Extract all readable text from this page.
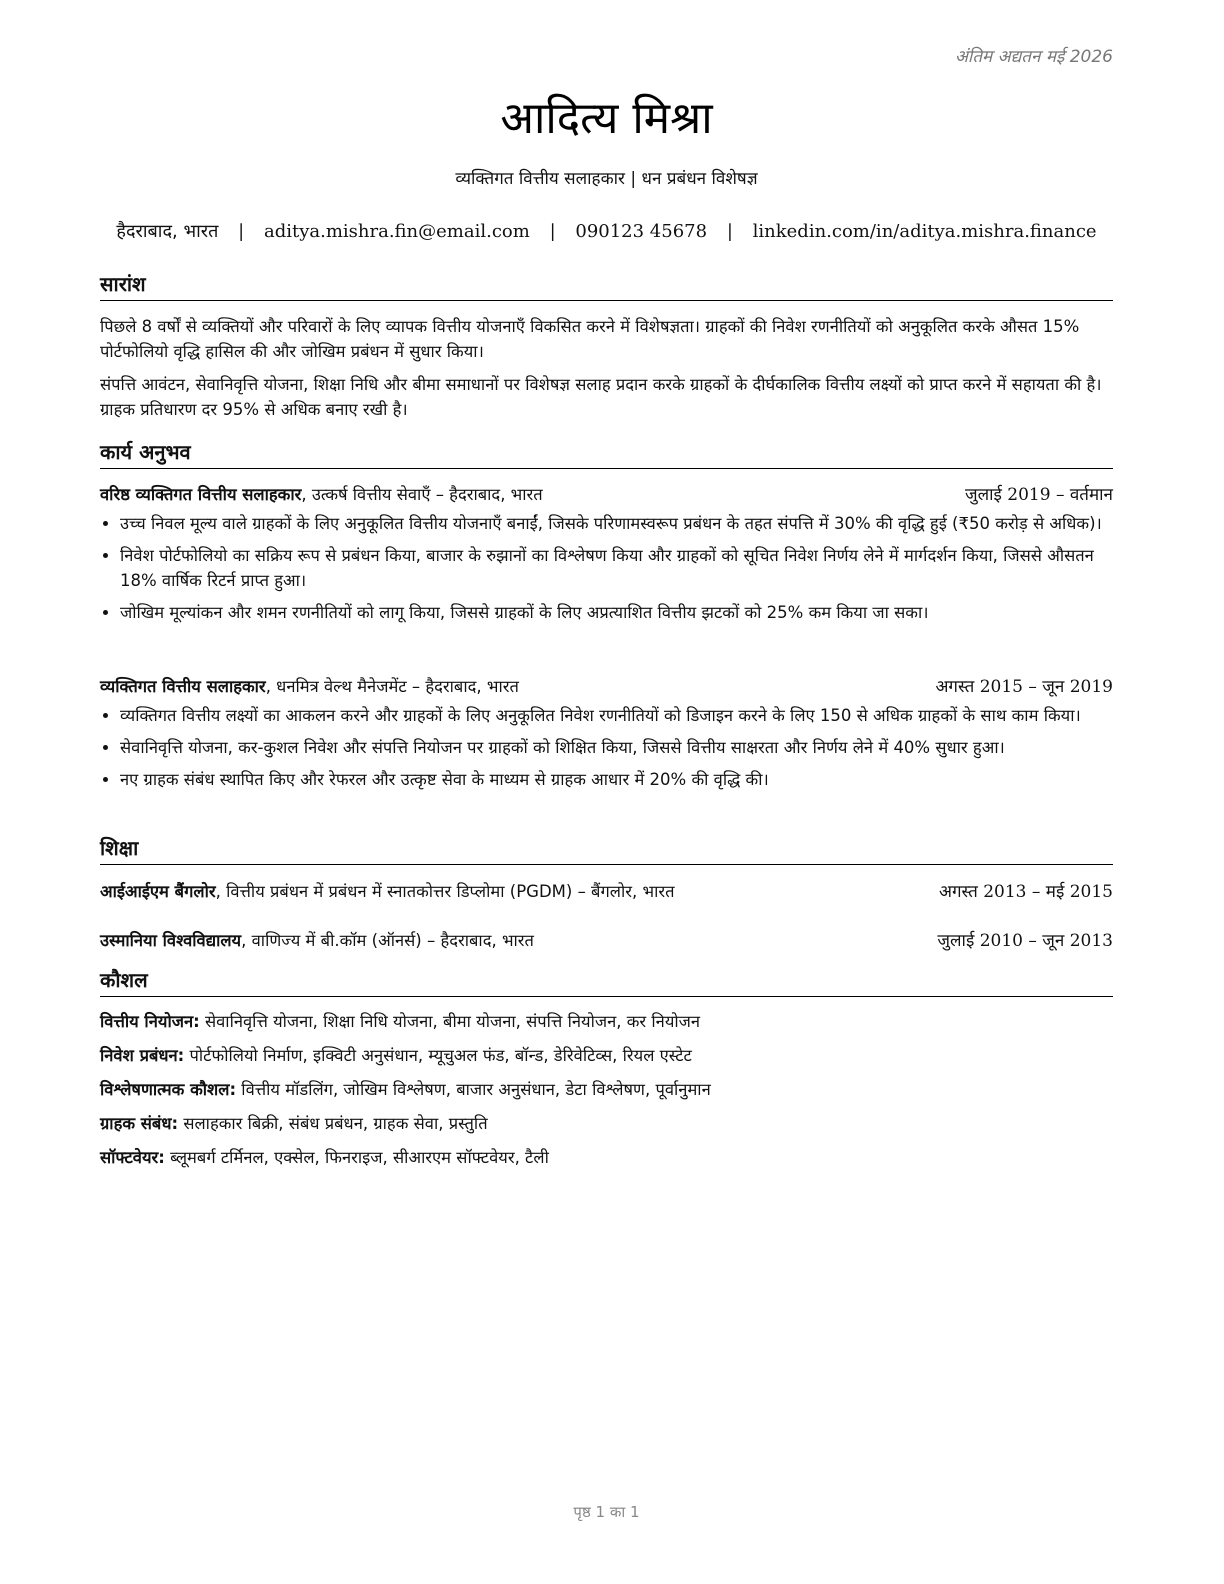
अंतिम अद्यतन मई 2026
आदित्य मिश्रा
व्यक्तिगत वित्तीय सलाहकार | धन प्रबंधन विशेषज्ञ
हैदराबाद, भारत | aditya.mishra.fin@email.com | 090123 45678 | linkedin.com/in/aditya.mishra.finance
सारांश

पिछले 8 वर्षों से व्यक्तियों और परिवारों के लिए व्यापक वित्तीय योजनाएँ विकसित करने में विशेषज्ञता। ग्राहकों की निवेश रणनीतियों को अनुकूलित करके औसत 15% पोर्टफोलियो वृद्धि हासिल की और जोखिम प्रबंधन में सुधार किया।

संपत्ति आवंटन, सेवानिवृत्ति योजना, शिक्षा निधि और बीमा समाधानों पर विशेषज्ञ सलाह प्रदान करके ग्राहकों के दीर्घकालिक वित्तीय लक्ष्यों को प्राप्त करने में सहायता की है। ग्राहक प्रतिधारण दर 95% से अधिक बनाए रखी है।

कार्य अनुभव
वरिष्ठ व्यक्तिगत वित्तीय सलाहकार, उत्कर्ष वित्तीय सेवाएँ – हैदराबाद, भारत	जुलाई 2019 – वर्तमान
• उच्च निवल मूल्य वाले ग्राहकों के लिए अनुकूलित वित्तीय योजनाएँ बनाईं, जिसके परिणामस्वरूप प्रबंधन के तहत संपत्ति में 30% की वृद्धि हुई (₹50 करोड़ से अधिक)।
• निवेश पोर्टफोलियो का सक्रिय रूप से प्रबंधन किया, बाजार के रुझानों का विश्लेषण किया और ग्राहकों को सूचित निवेश निर्णय लेने में मार्गदर्शन किया, जिससे औसतन 18% वार्षिक रिटर्न प्राप्त हुआ।
• जोखिम मूल्यांकन और शमन रणनीतियों को लागू किया, जिससे ग्राहकों के लिए अप्रत्याशित वित्तीय झटकों को 25% कम किया जा सका।
व्यक्तिगत वित्तीय सलाहकार, धनमित्र वेल्थ मैनेजमेंट – हैदराबाद, भारत	अगस्त 2015 – जून 2019
• व्यक्तिगत वित्तीय लक्ष्यों का आकलन करने और ग्राहकों के लिए अनुकूलित निवेश रणनीतियों को डिजाइन करने के लिए 150 से अधिक ग्राहकों के साथ काम किया।
• सेवानिवृत्ति योजना, कर-कुशल निवेश और संपत्ति नियोजन पर ग्राहकों को शिक्षित किया, जिससे वित्तीय साक्षरता और निर्णय लेने में 40% सुधार हुआ।
• नए ग्राहक संबंध स्थापित किए और रेफरल और उत्कृष्ट सेवा के माध्यम से ग्राहक आधार में 20% की वृद्धि की।
शिक्षा
आईआईएम बैंगलोर, वित्तीय प्रबंधन में प्रबंधन में स्नातकोत्तर डिप्लोमा (PGDM) – बैंगलोर, भारत	अगस्त 2013 – मई 2015
उस्मानिया विश्वविद्यालय, वाणिज्य में बी.कॉम (ऑनर्स) – हैदराबाद, भारत	जुलाई 2010 – जून 2013
कौशल
वित्तीय नियोजन: सेवानिवृत्ति योजना, शिक्षा निधि योजना, बीमा योजना, संपत्ति नियोजन, कर नियोजन
निवेश प्रबंधन: पोर्टफोलियो निर्माण, इक्विटी अनुसंधान, म्यूचुअल फंड, बॉन्ड, डेरिवेटिव्स, रियल एस्टेट
विश्लेषणात्मक कौशल: वित्तीय मॉडलिंग, जोखिम विश्लेषण, बाजार अनुसंधान, डेटा विश्लेषण, पूर्वानुमान
ग्राहक संबंध: सलाहकार बिक्री, संबंध प्रबंधन, ग्राहक सेवा, प्रस्तुति
सॉफ्टवेयर: ब्लूमबर्ग टर्मिनल, एक्सेल, फिनराइज, सीआरएम सॉफ्टवेयर, टैली
पृष्ठ 1 का 1
